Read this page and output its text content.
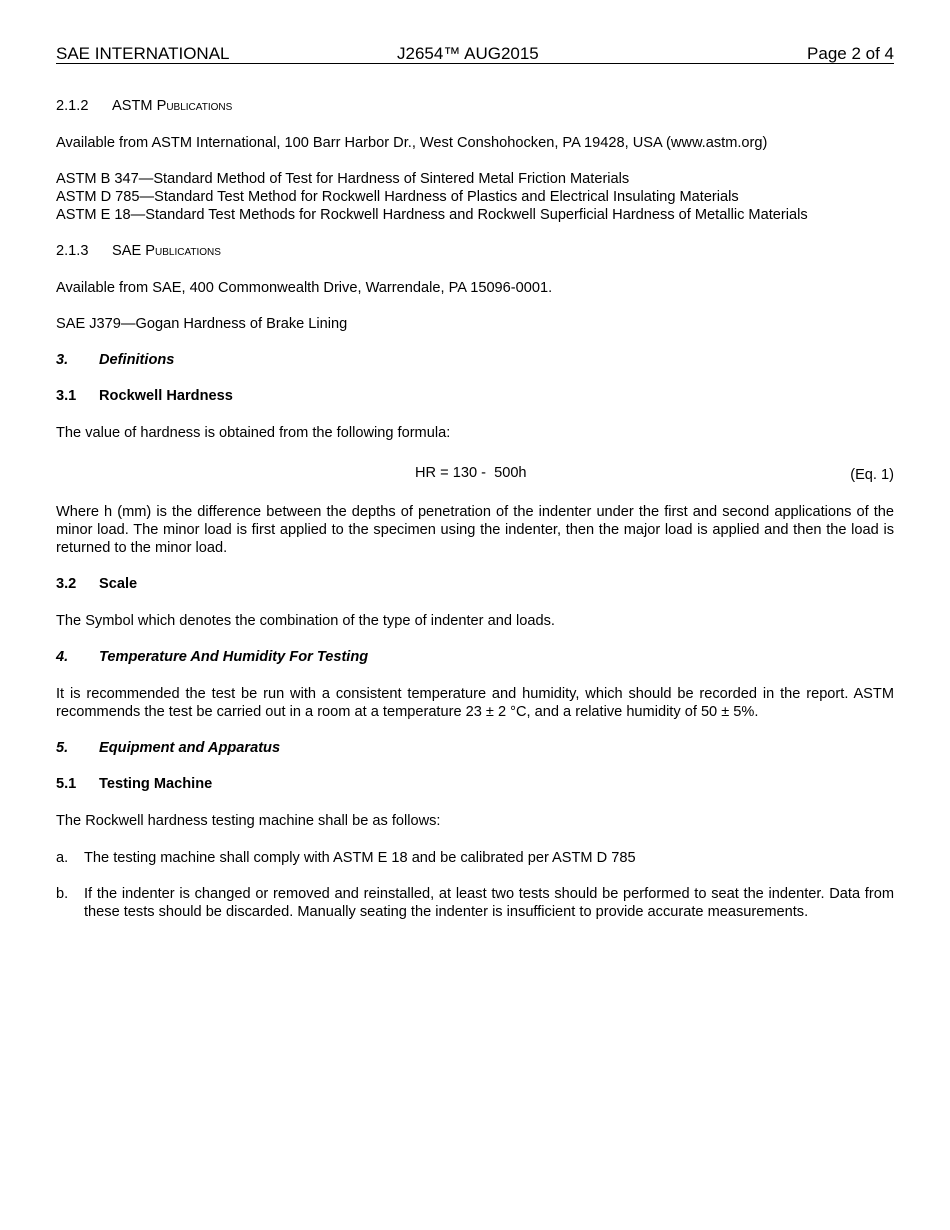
SAE INTERNATIONAL	J2654™ AUG2015	Page 2 of 4
2.1.2 ASTM Publications
Available from ASTM International, 100 Barr Harbor Dr., West Conshohocken, PA 19428, USA (www.astm.org)
ASTM B 347—Standard Method of Test for Hardness of Sintered Metal Friction Materials
ASTM D 785—Standard Test Method for Rockwell Hardness of Plastics and Electrical Insulating Materials
ASTM E 18—Standard Test Methods for Rockwell Hardness and Rockwell Superficial Hardness of Metallic Materials
2.1.3 SAE Publications
Available from SAE, 400 Commonwealth Drive, Warrendale, PA 15096-0001.
SAE J379—Gogan Hardness of Brake Lining
3. Definitions
3.1 Rockwell Hardness
The value of hardness is obtained from the following formula:
HR = 130 -  500h	(Eq. 1)
Where h (mm) is the difference between the depths of penetration of the indenter under the first and second applications of the minor load. The minor load is first applied to the specimen using the indenter, then the major load is applied and then the load is returned to the minor load.
3.2 Scale
The Symbol which denotes the combination of the type of indenter and loads.
4. Temperature And Humidity For Testing
It is recommended the test be run with a consistent temperature and humidity, which should be recorded in the report. ASTM recommends the test be carried out in a room at a temperature 23 ± 2 °C, and a relative humidity of 50 ± 5%.
5. Equipment and Apparatus
5.1 Testing Machine
The Rockwell hardness testing machine shall be as follows:
a. The testing machine shall comply with ASTM E 18 and be calibrated per ASTM D 785
b. If the indenter is changed or removed and reinstalled, at least two tests should be performed to seat the indenter. Data from these tests should be discarded. Manually seating the indenter is insufficient to provide accurate measurements.
